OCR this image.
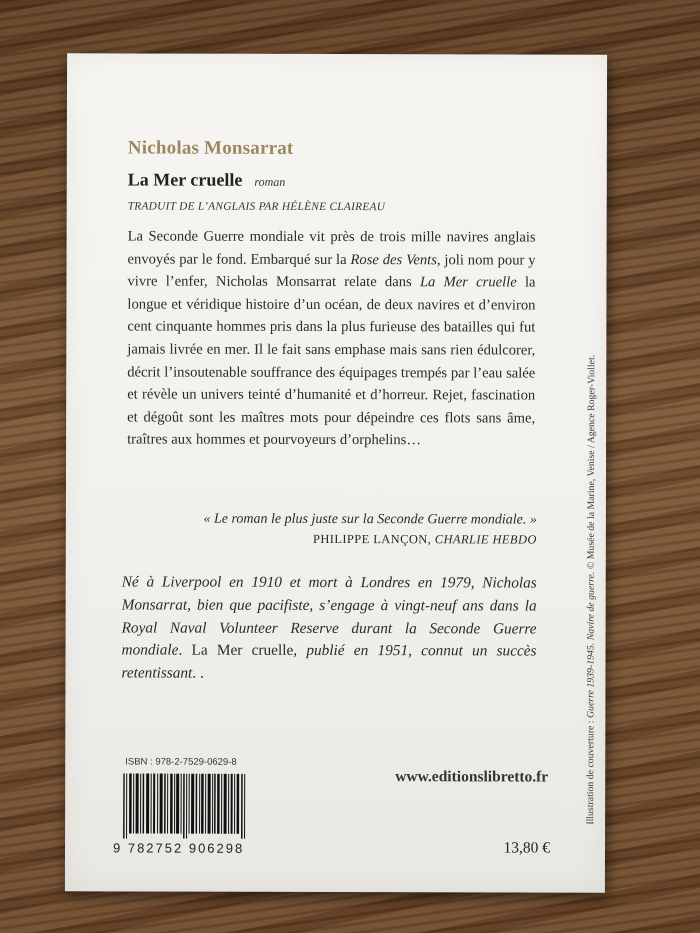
Nicholas Monsarrat
La Mer cruelle roman
TRADUIT DE L’ANGLAIS PAR HÉLÈNE CLAIREAU

La Seconde Guerre mondiale vit près de trois mille navires anglais envoyés par le fond. Embarqué sur la Rose des Vents, joli nom pour y vivre l’enfer, Nicholas Monsarrat relate dans La Mer cruelle la longue et véridique histoire d’un océan, de deux navires et d’environ cent cinquante hommes pris dans la plus furieuse des batailles qui fut jamais livrée en mer. Il le fait sans emphase mais sans rien édulcorer, décrit l’insoutenable souffrance des équipages trempés par l’eau salée et révèle un univers teinté d’humanité et d’horreur. Rejet, fascination et dégoût sont les maîtres mots pour dépeindre ces flots sans âme, traîtres aux hommes et pourvoyeurs d’orphelins…

« Le roman le plus juste sur la Seconde Guerre mondiale. »
PHILIPPE LANÇON, CHARLIE HEBDO

Né à Liverpool en 1910 et mort à Londres en 1979, Nicholas Monsarrat, bien que pacifiste, s’engage à vingt-neuf ans dans la Royal Naval Volunteer Reserve durant la Seconde Guerre mondiale. La Mer cruelle, publié en 1951, connut un succès retentissant. .

ISBN : 978-2-7529-0629-8
9 782752 906298
www.editionslibretto.fr
13,80 €
Illustration de couverture : Guerre 1939-1945. Navire de guerre. © Musée de la Marine, Venise / Agence Roger-Viollet.
